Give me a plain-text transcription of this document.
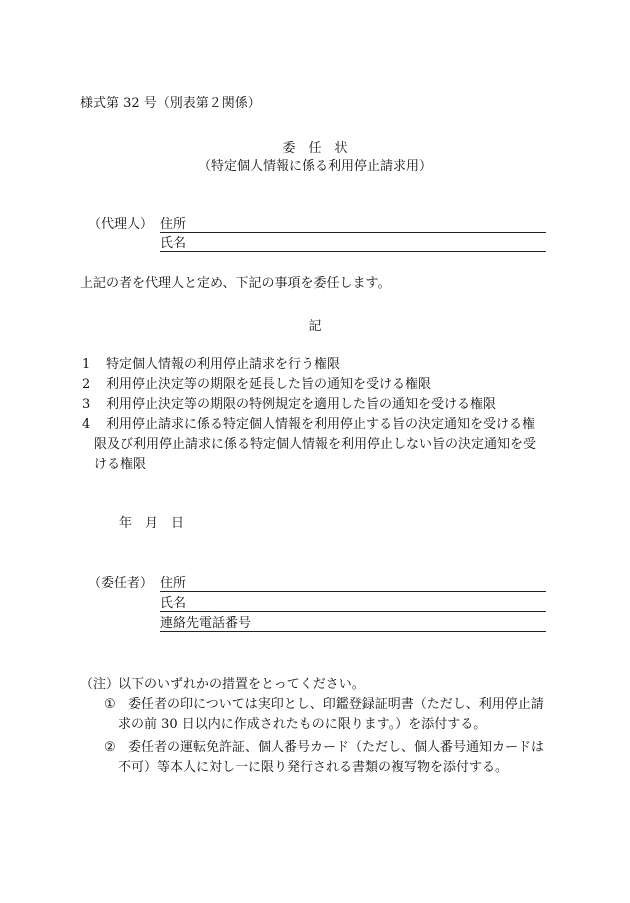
様式第 32 号（別表第２関係）
委　任　状
（特定個人情報に係る利用停止請求用）
（代理人） 住所
氏名
上記の者を代理人と定め、下記の事項を委任します。
記
1 特定個人情報の利用停止請求を行う権限
2 利用停止決定等の期限を延長した旨の通知を受ける権限
3 利用停止決定等の期限の特例規定を適用した旨の通知を受ける権限
4 利用停止請求に係る特定個人情報を利用停止する旨の決定通知を受ける権
限及び利用停止請求に係る特定個人情報を利用停止しない旨の決定通知を受
ける権限
年　月　日
（委任者） 住所
氏名
連絡先電話番号
（注）
以下のいずれかの措置をとってください。
① 委任者の印については実印とし、印鑑登録証明書（ただし、利用停止請
求の前 30 日以内に作成されたものに限ります。）を添付する。
② 委任者の運転免許証、個人番号カード（ただし、個人番号通知カードは
不可）等本人に対し一に限り発行される書類の複写物を添付する。
